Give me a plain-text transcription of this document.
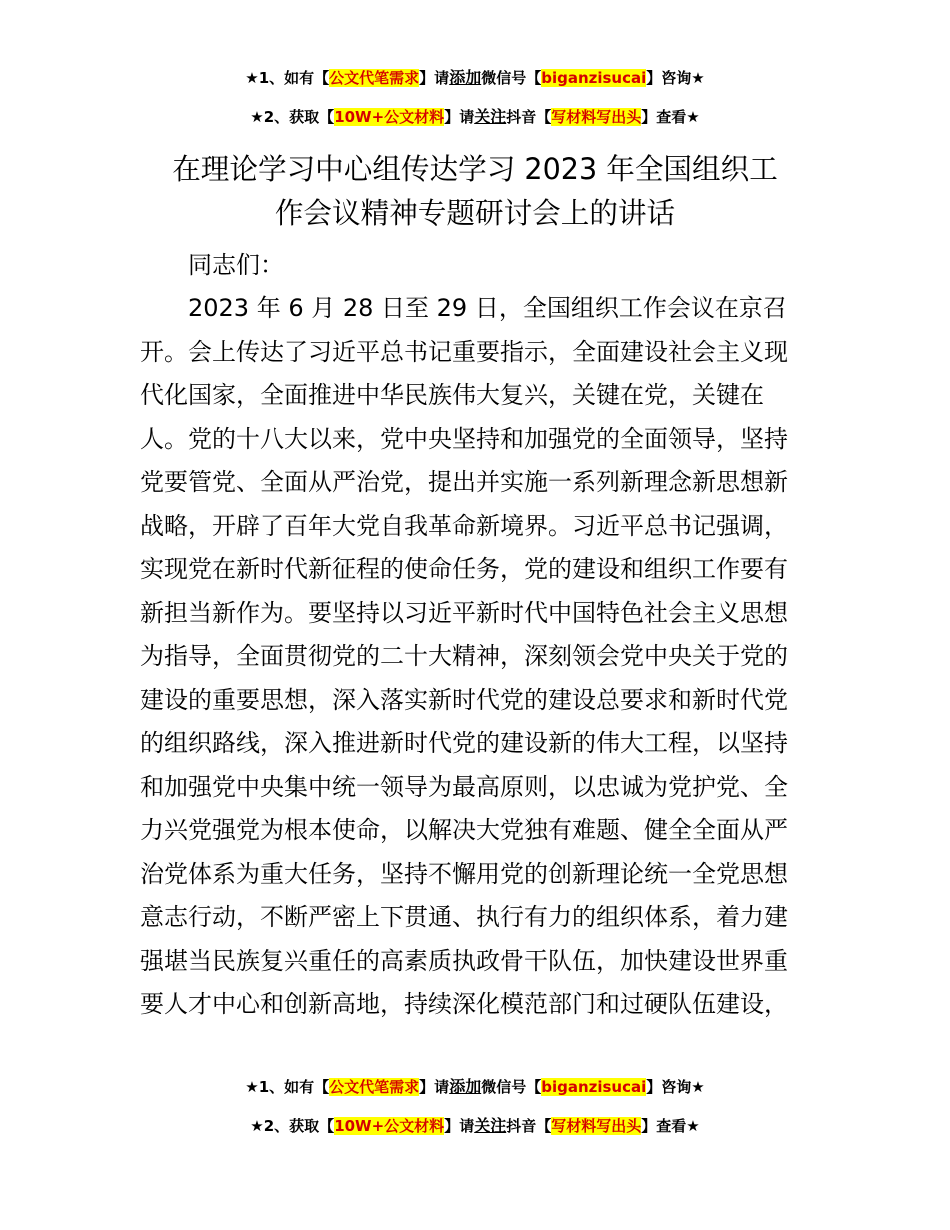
★1、如有【公文代笔需求】请添加微信号【biganzisucai】咨询★
★2、获取【10W+公文材料】请关注抖音【写材料写出头】查看★
在理论学习中心组传达学习 2023 年全国组织工
作会议精神专题研讨会上的讲话
同志们：
　　2023 年 6 月 28 日至 29 日，全国组织工作会议在京召
开。会上传达了习近平总书记重要指示，全面建设社会主义现
代化国家，全面推进中华民族伟大复兴，关键在党，关键在
人。党的十八大以来，党中央坚持和加强党的全面领导，坚持
党要管党、全面从严治党，提出并实施一系列新理念新思想新
战略，开辟了百年大党自我革命新境界。习近平总书记强调，
实现党在新时代新征程的使命任务，党的建设和组织工作要有
新担当新作为。要坚持以习近平新时代中国特色社会主义思想
为指导，全面贯彻党的二十大精神，深刻领会党中央关于党的
建设的重要思想，深入落实新时代党的建设总要求和新时代党
的组织路线，深入推进新时代党的建设新的伟大工程，以坚持
和加强党中央集中统一领导为最高原则，以忠诚为党护党、全
力兴党强党为根本使命，以解决大党独有难题、健全全面从严
治党体系为重大任务，坚持不懈用党的创新理论统一全党思想
意志行动，不断严密上下贯通、执行有力的组织体系，着力建
强堪当民族复兴重任的高素质执政骨干队伍，加快建设世界重
要人才中心和创新高地，持续深化模范部门和过硬队伍建设，
★1、如有【公文代笔需求】请添加微信号【biganzisucai】咨询★
★2、获取【10W+公文材料】请关注抖音【写材料写出头】查看★
